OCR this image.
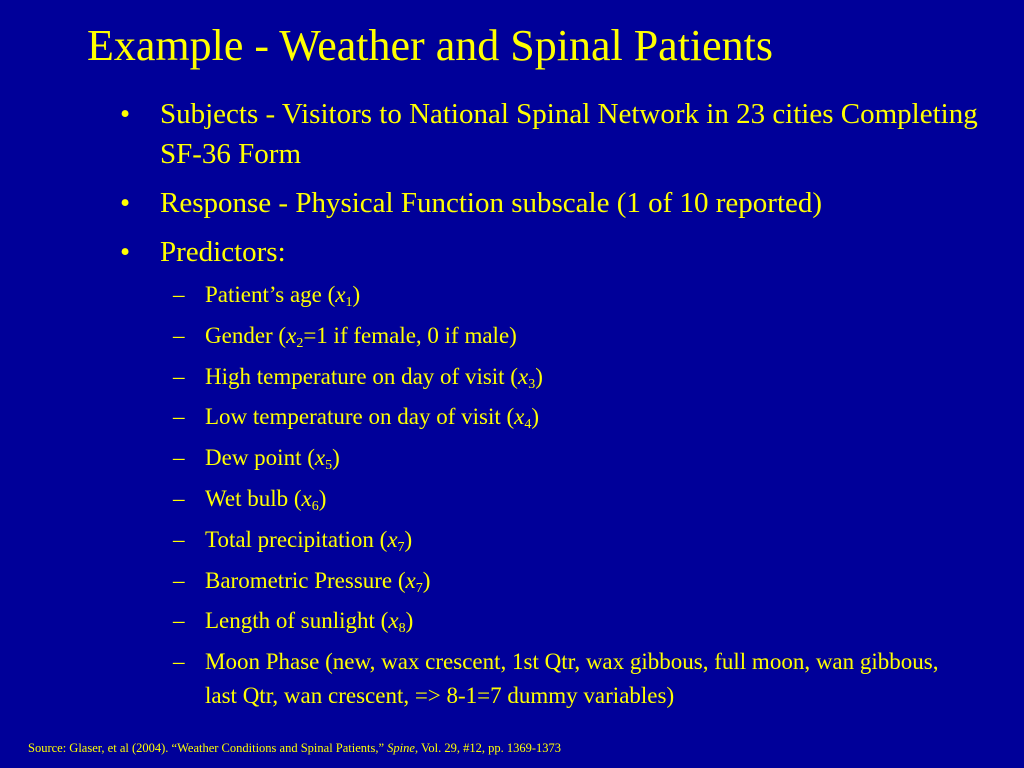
Example - Weather and Spinal Patients
• Subjects - Visitors to National Spinal Network in 23 cities Completing SF-36 Form
• Response - Physical Function subscale (1 of 10 reported)
• Predictors:
– Patient’s age $(x_1)$
– Gender ($x_2=1$ if female, 0 if male)
– High temperature on day of visit $(x_3)$
– Low temperature on day of visit $(x_4)$
– Dew point $(x_5)$
– Wet bulb $(x_6)$
– Total precipitation $(x_7)$
– Barometric Pressure $(x_7)$
– Length of sunlight $(x_8)$
– Moon Phase (new, wax crescent, 1st Qtr, wax gibbous, full moon, wan gibbous, last Qtr, wan crescent, => 8-1=7 dummy variables)
Source: Glaser, et al (2004). “Weather Conditions and Spinal Patients,” Spine, Vol. 29, #12, pp. 1369-1373
